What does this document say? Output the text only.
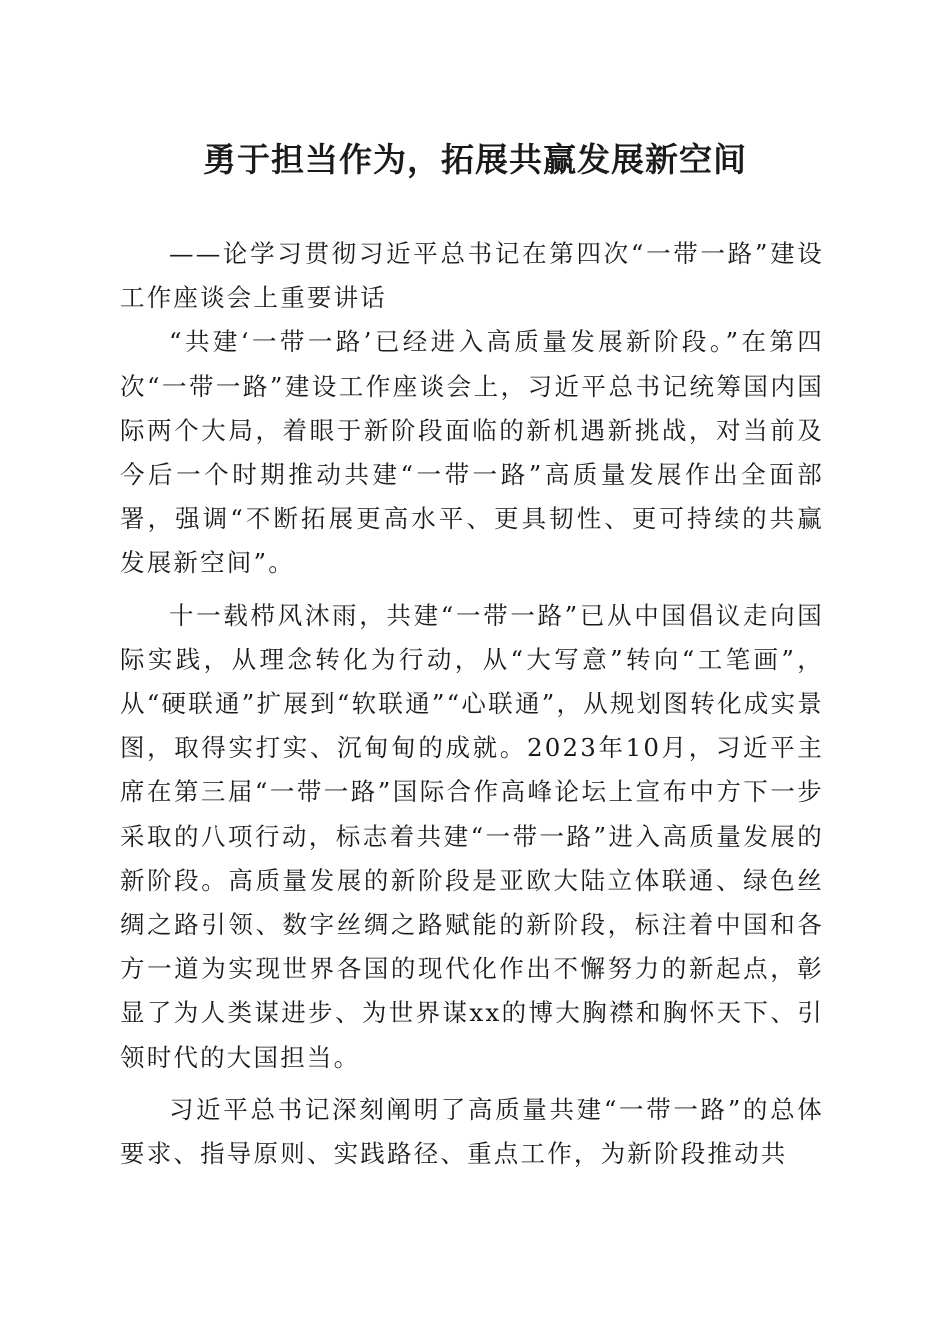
勇于担当作为，拓展共赢发展新空间

——论学习贯彻习近平总书记在第四次“一带一路”建设工作座谈会上重要讲话

“共建‘一带一路’已经进入高质量发展新阶段。”在第四次“一带一路”建设工作座谈会上，习近平总书记统筹国内国际两个大局，着眼于新阶段面临的新机遇新挑战，对当前及今后一个时期推动共建“一带一路”高质量发展作出全面部署，强调“不断拓展更高水平、更具韧性、更可持续的共赢发展新空间”。

十一载栉风沐雨，共建“一带一路”已从中国倡议走向国际实践，从理念转化为行动，从“大写意”转向“工笔画”，从“硬联通”扩展到“软联通”“心联通”，从规划图转化成实景图，取得实打实、沉甸甸的成就。2023年10月，习近平主席在第三届“一带一路”国际合作高峰论坛上宣布中方下一步采取的八项行动，标志着共建“一带一路”进入高质量发展的新阶段。高质量发展的新阶段是亚欧大陆立体联通、绿色丝绸之路引领、数字丝绸之路赋能的新阶段，标注着中国和各方一道为实现世界各国的现代化作出不懈努力的新起点，彰显了为人类谋进步、为世界谋xx的博大胸襟和胸怀天下、引领时代的大国担当。

习近平总书记深刻阐明了高质量共建“一带一路”的总体要求、指导原则、实践路径、重点工作，为新阶段推动共
